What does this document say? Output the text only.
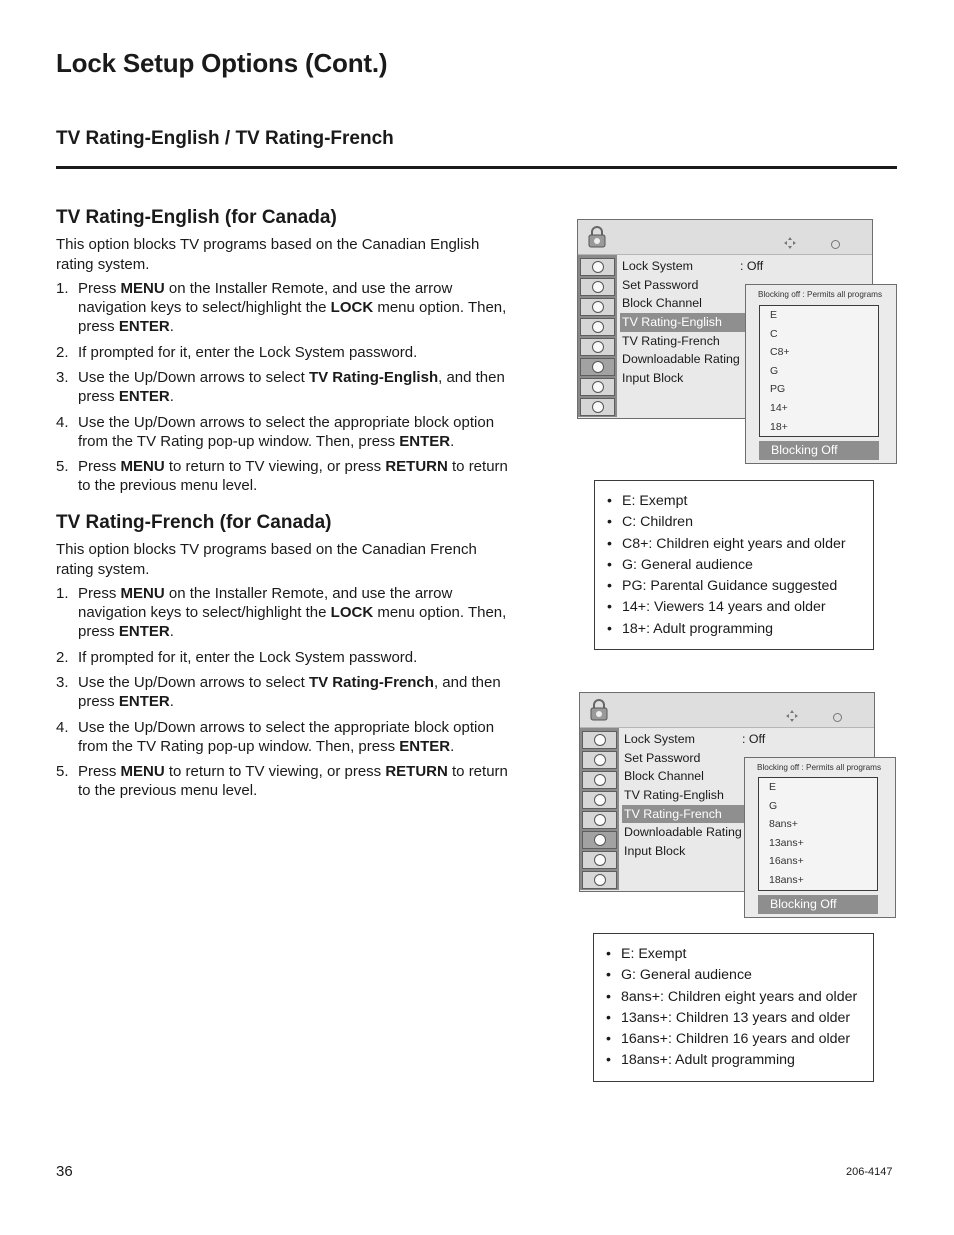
Lock Setup Options (Cont.)
TV Rating-English / TV Rating-French
TV Rating-English (for Canada)

This option blocks TV programs based on the Canadian English rating system.

1. Press MENU on the Installer Remote, and use the arrow navigation keys to select/highlight the LOCK menu option. Then, press ENTER.
2. If prompted for it, enter the Lock System password.
3. Use the Up/Down arrows to select TV Rating-English, and then press ENTER.
4. Use the Up/Down arrows to select the appropriate block option from the TV Rating pop-up window. Then, press ENTER.
5. Press MENU to return to TV viewing, or press RETURN to return to the previous menu level.
TV Rating-French (for Canada)

This option blocks TV programs based on the Canadian French rating system.

1. Press MENU on the Installer Remote, and use the arrow navigation keys to select/highlight the LOCK menu option. Then, press ENTER.
2. If prompted for it, enter the Lock System password.
3. Use the Up/Down arrows to select TV Rating-French, and then press ENTER.
4. Use the Up/Down arrows to select the appropriate block option from the TV Rating pop-up window. Then, press ENTER.
5. Press MENU to return to TV viewing, or press RETURN to return to the previous menu level.
Lock System	: Off
Set Password
Block Channel
TV Rating-English
TV Rating-French
Downloadable Rating
Input Block
Blocking off : Permits all programs
E
C
C8+
G
PG
14+
18+
Blocking Off
• E: Exempt
• C: Children
• C8+: Children eight years and older
• G: General audience
• PG: Parental Guidance suggested
• 14+: Viewers 14 years and older
• 18+: Adult programming
Lock System	: Off
Set Password
Block Channel
TV Rating-English
TV Rating-French
Downloadable Rating
Input Block
Blocking off : Permits all programs
E
G
8ans+
13ans+
16ans+
18ans+
Blocking Off
• E: Exempt
• G: General audience
• 8ans+: Children eight years and older
• 13ans+: Children 13 years and older
• 16ans+: Children 16 years and older
• 18ans+: Adult programming
36	206-4147
